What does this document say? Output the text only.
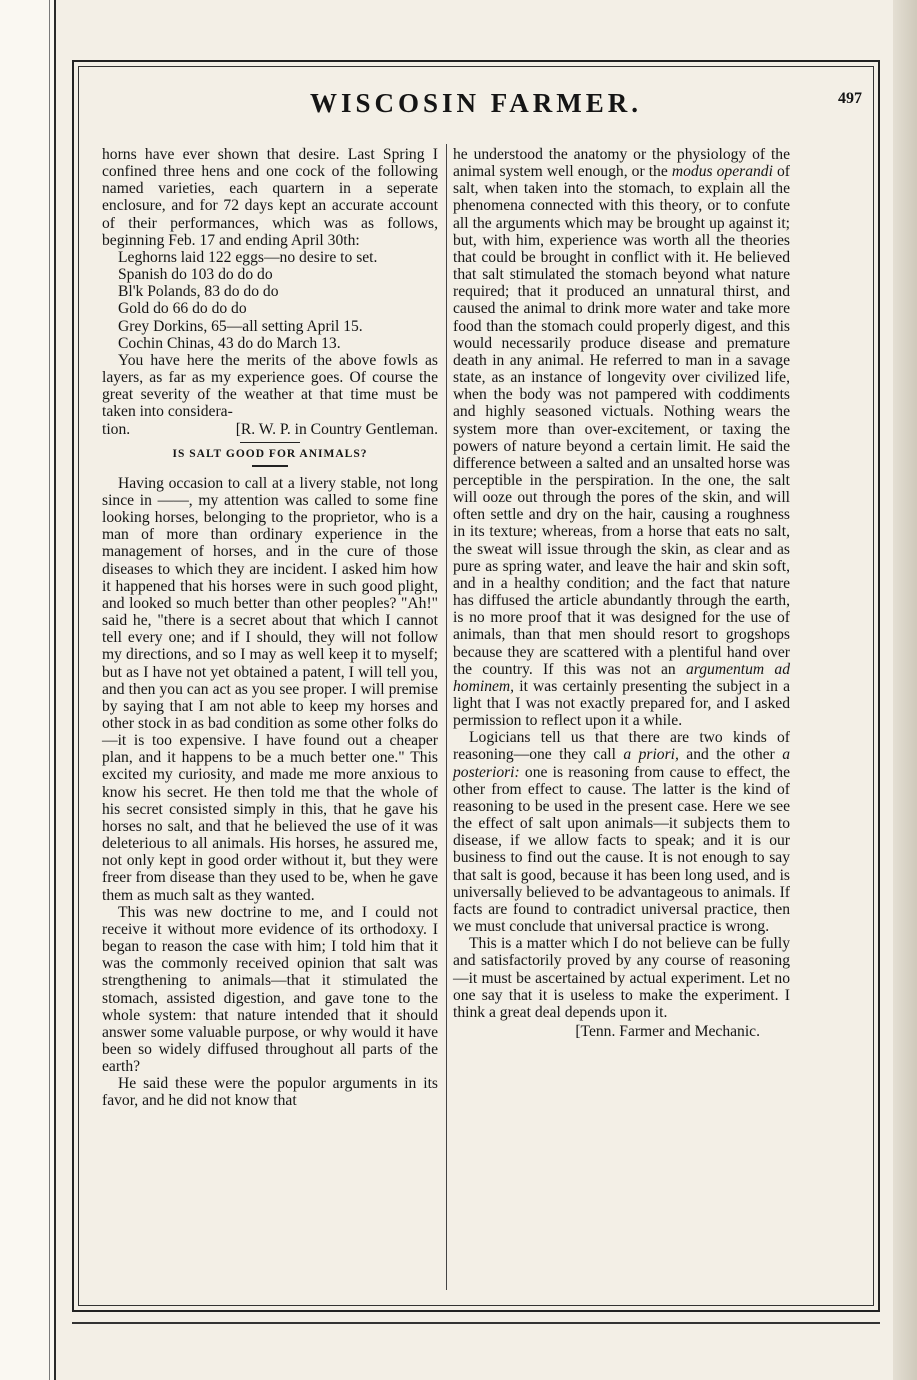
WISCOSIN FARMER.	497

horns have ever shown that desire. Last Spring I confined three hens and one cock of the following named varieties, each quartern in a seperate enclosure, and for 72 days kept an accurate account of their performances, which was as follows, beginning Feb. 17 and ending April 30th:

Leghorns laid 122 eggs—no desire to set.
Spanish do 103 do do do
Bl'k Polands, 83 do do do
Gold do 66 do do do
Grey Dorkins, 65—all setting April 15.
Cochin Chinas, 43 do do March 13.

You have here the merits of the above fowls as layers, as far as my experience goes. Of course the great severity of the weather at that time must be taken into considera-

tion.	[R. W. P. in Country Gentleman.
IS SALT GOOD FOR ANIMALS?

Having occasion to call at a livery stable, not long since in ——, my attention was called to some fine looking horses, belonging to the proprietor, who is a man of more than ordinary experience in the management of horses, and in the cure of those diseases to which they are incident. I asked him how it happened that his horses were in such good plight, and looked so much better than other peoples? "Ah!" said he, "there is a secret about that which I cannot tell every one; and if I should, they will not follow my directions, and so I may as well keep it to myself; but as I have not yet obtained a patent, I will tell you, and then you can act as you see proper. I will premise by saying that I am not able to keep my horses and other stock in as bad condition as some other folks do—it is too expensive. I have found out a cheaper plan, and it happens to be a much better one." This excited my curiosity, and made me more anxious to know his secret. He then told me that the whole of his secret consisted simply in this, that he gave his horses no salt, and that he believed the use of it was deleterious to all animals. His horses, he assured me, not only kept in good order without it, but they were freer from disease than they used to be, when he gave them as much salt as they wanted.

This was new doctrine to me, and I could not receive it without more evidence of its orthodoxy. I began to reason the case with him; I told him that it was the commonly received opinion that salt was strengthening to animals—that it stimulated the stomach, assisted digestion, and gave tone to the whole system: that nature intended that it should answer some valuable purpose, or why would it have been so widely diffused throughout all parts of the earth?

He said these were the populor arguments in its favor, and he did not know that

he understood the anatomy or the physiology of the animal system well enough, or the modus operandi of salt, when taken into the stomach, to explain all the phenomena connected with this theory, or to confute all the arguments which may be brought up against it; but, with him, experience was worth all the theories that could be brought in conflict with it. He believed that salt stimulated the stomach beyond what nature required; that it produced an unnatural thirst, and caused the animal to drink more water and take more food than the stomach could properly digest, and this would necessarily produce disease and premature death in any animal. He referred to man in a savage state, as an instance of longevity over civilized life, when the body was not pampered with coddiments and highly seasoned victuals. Nothing wears the system more than over-excitement, or taxing the powers of nature beyond a certain limit. He said the difference between a salted and an unsalted horse was perceptible in the perspiration. In the one, the salt will ooze out through the pores of the skin, and will often settle and dry on the hair, causing a roughness in its texture; whereas, from a horse that eats no salt, the sweat will issue through the skin, as clear and as pure as spring water, and leave the hair and skin soft, and in a healthy condition; and the fact that nature has diffused the article abundantly through the earth, is no more proof that it was designed for the use of animals, than that men should resort to grogshops because they are scattered with a plentiful hand over the country. If this was not an argumentum ad hominem, it was certainly presenting the subject in a light that I was not exactly prepared for, and I asked permission to reflect upon it a while.

Logicians tell us that there are two kinds of reasoning—one they call a priori, and the other a posteriori: one is reasoning from cause to effect, the other from effect to cause. The latter is the kind of reasoning to be used in the present case. Here we see the effect of salt upon animals—it subjects them to disease, if we allow facts to speak; and it is our business to find out the cause. It is not enough to say that salt is good, because it has been long used, and is universally believed to be advantageous to animals. If facts are found to contradict universal practice, then we must conclude that universal practice is wrong.

This is a matter which I do not believe can be fully and satisfactorily proved by any course of reasoning—it must be ascertained by actual experiment. Let no one say that it is useless to make the experiment. I think a great deal depends upon it.

[Tenn. Farmer and Mechanic.
